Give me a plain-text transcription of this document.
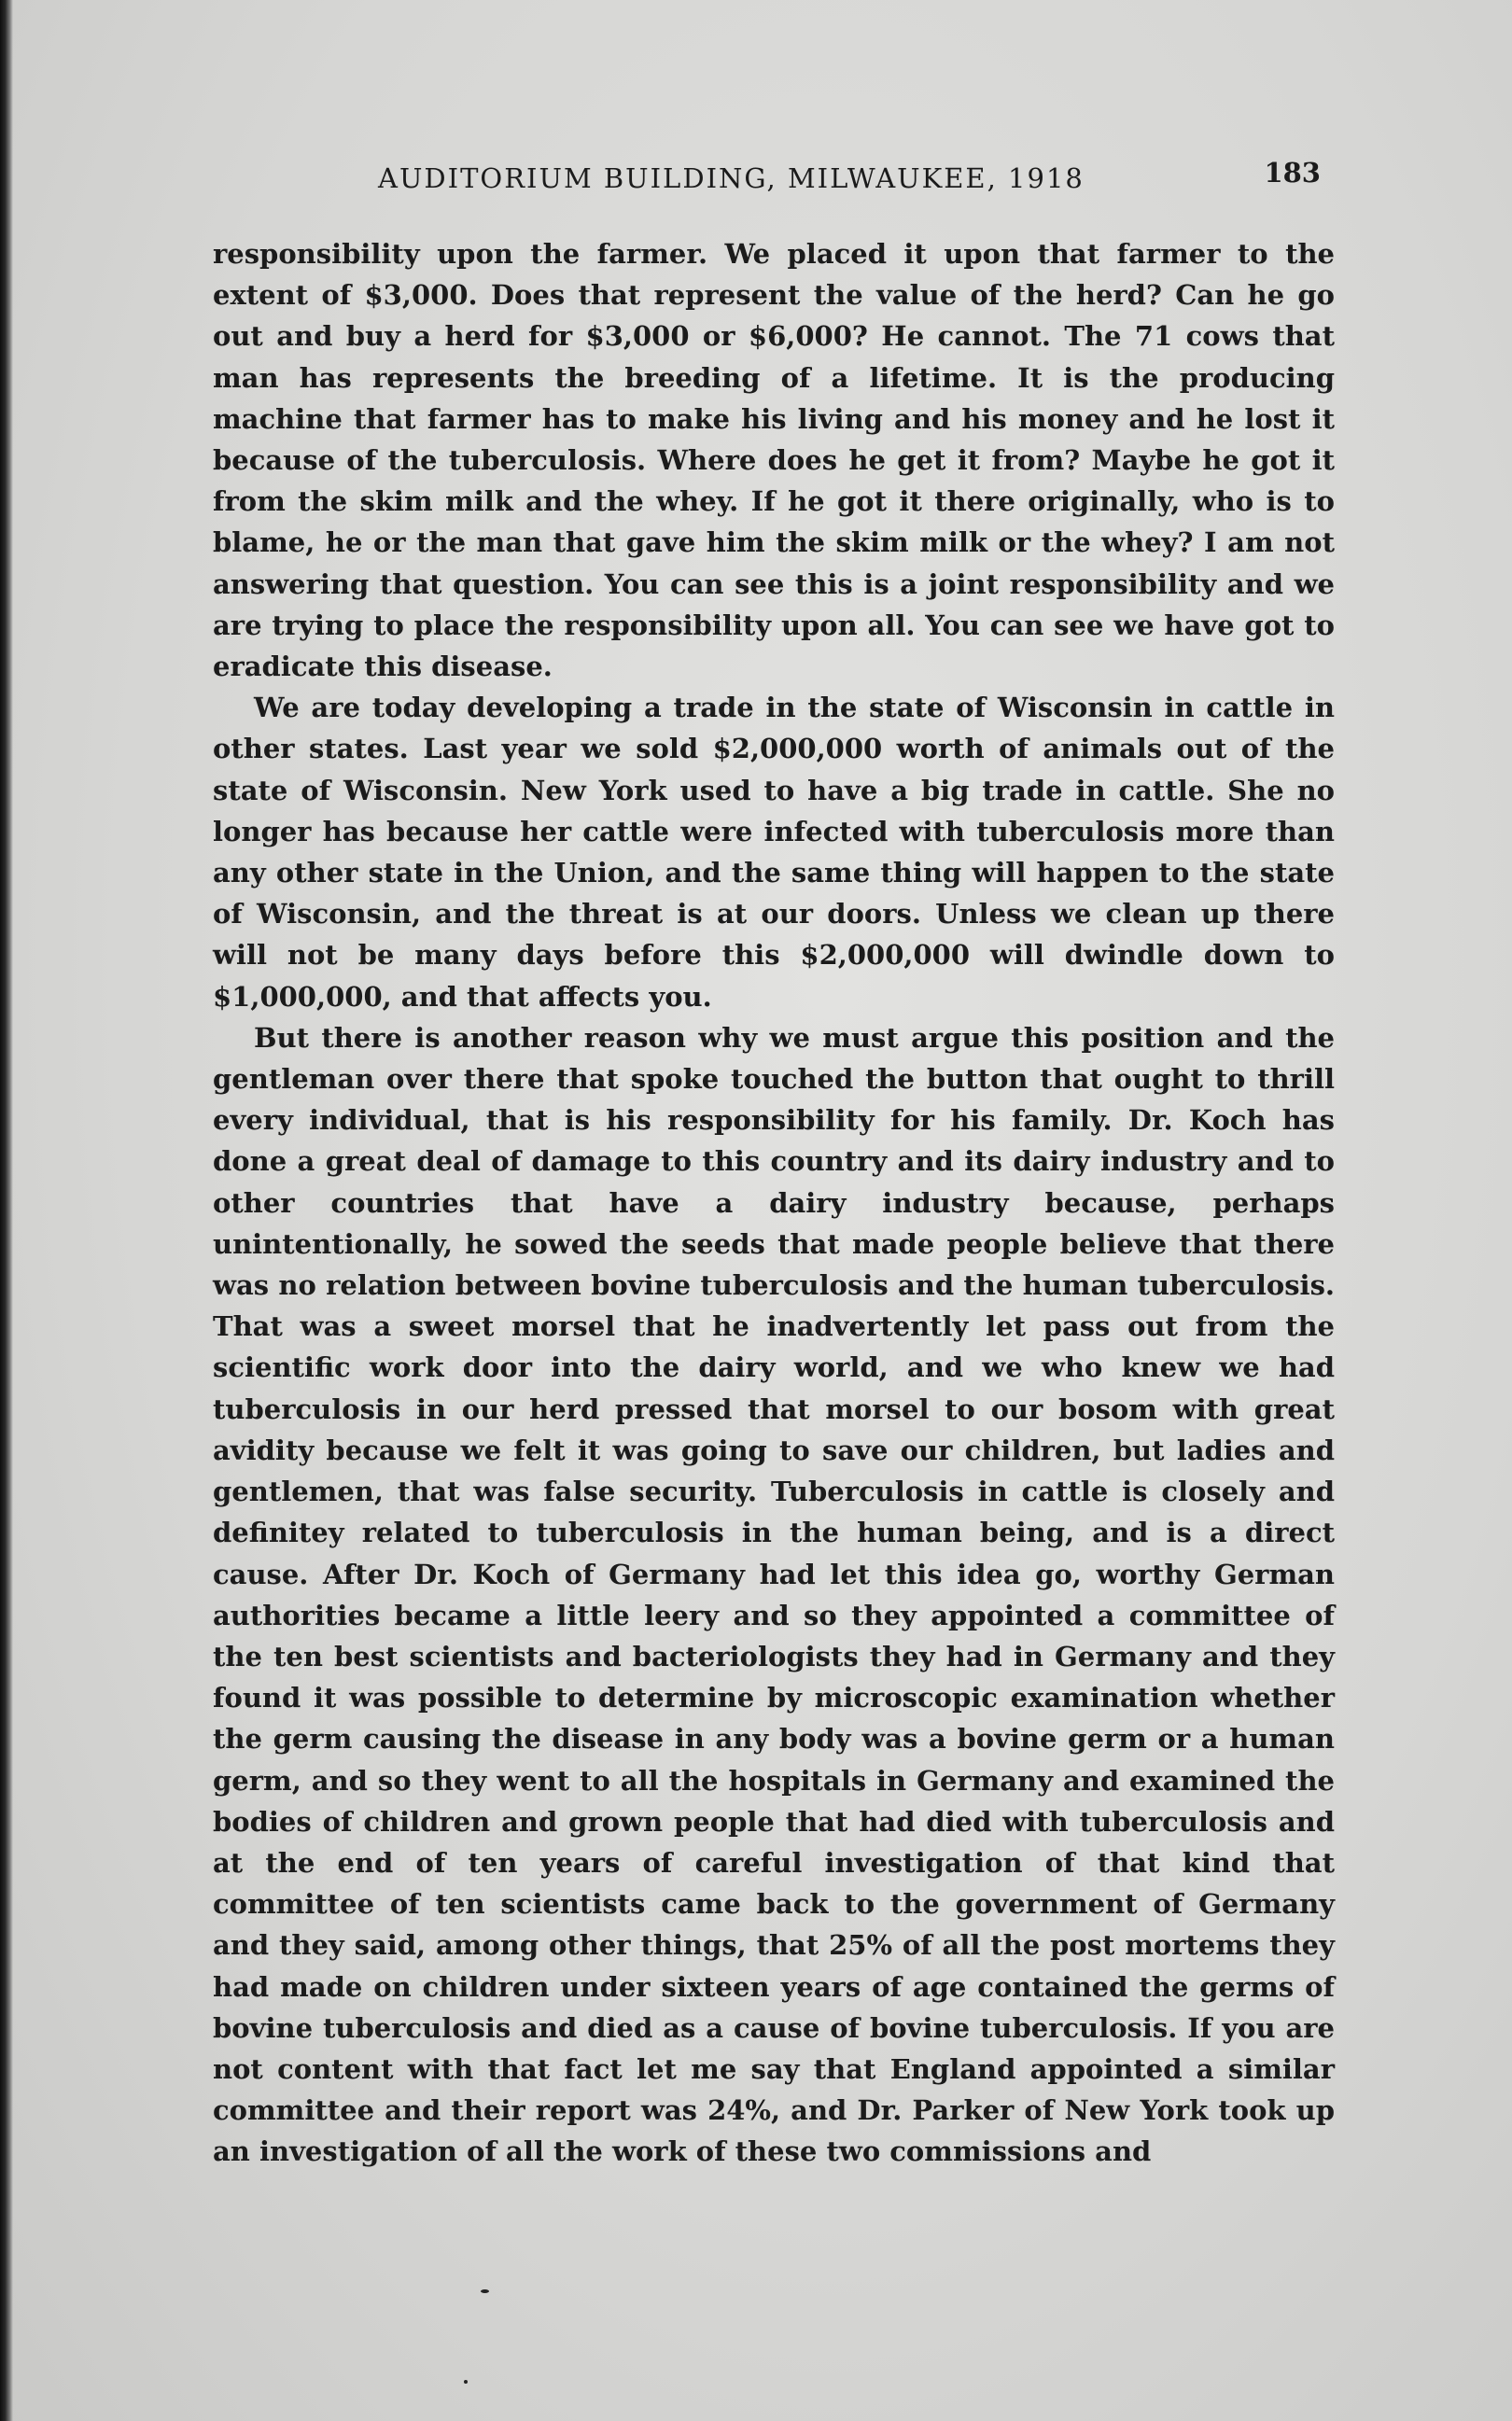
AUDITORIUM BUILDING, MILWAUKEE, 1918	183

responsibility upon the farmer. We placed it upon that farmer to the extent of $3,000. Does that represent the value of the herd? Can he go out and buy a herd for $3,000 or $6,000? He cannot. The 71 cows that man has represents the breeding of a lifetime. It is the producing machine that farmer has to make his living and his money and he lost it because of the tuberculosis. Where does he get it from? Maybe he got it from the skim milk and the whey. If he got it there originally, who is to blame, he or the man that gave him the skim milk or the whey? I am not answering that question. You can see this is a joint responsibility and we are trying to place the responsibility upon all. You can see we have got to eradicate this disease.

We are today developing a trade in the state of Wisconsin in cattle in other states. Last year we sold $2,000,000 worth of animals out of the state of Wisconsin. New York used to have a big trade in cattle. She no longer has because her cattle were infected with tuberculosis more than any other state in the Union, and the same thing will happen to the state of Wisconsin, and the threat is at our doors. Unless we clean up there will not be many days before this $2,000,000 will dwindle down to $1,000,000, and that affects you.

But there is another reason why we must argue this position and the gentleman over there that spoke touched the button that ought to thrill every individual, that is his responsibility for his family. Dr. Koch has done a great deal of damage to this country and its dairy industry and to other countries that have a dairy industry because, perhaps unintentionally, he sowed the seeds that made people believe that there was no relation between bovine tuberculosis and the human tuberculosis. That was a sweet morsel that he inadvertently let pass out from the scientific work door into the dairy world, and we who knew we had tuberculosis in our herd pressed that morsel to our bosom with great avidity because we felt it was going to save our children, but ladies and gentlemen, that was false security. Tuberculosis in cattle is closely and definitey related to tuberculosis in the human being, and is a direct cause. After Dr. Koch of Germany had let this idea go, worthy German authorities became a little leery and so they appointed a committee of the ten best scientists and bacteriologists they had in Germany and they found it was possible to determine by microscopic examination whether the germ causing the disease in any body was a bovine germ or a human germ, and so they went to all the hospitals in Germany and examined the bodies of children and grown people that had died with tuberculosis and at the end of ten years of careful investigation of that kind that committee of ten scientists came back to the government of Germany and they said, among other things, that 25% of all the post mortems they had made on children under sixteen years of age contained the germs of bovine tuberculosis and died as a cause of bovine tuberculosis. If you are not content with that fact let me say that England appointed a similar committee and their report was 24%, and Dr. Parker of New York took up an investigation of all the work of these two commissions and
